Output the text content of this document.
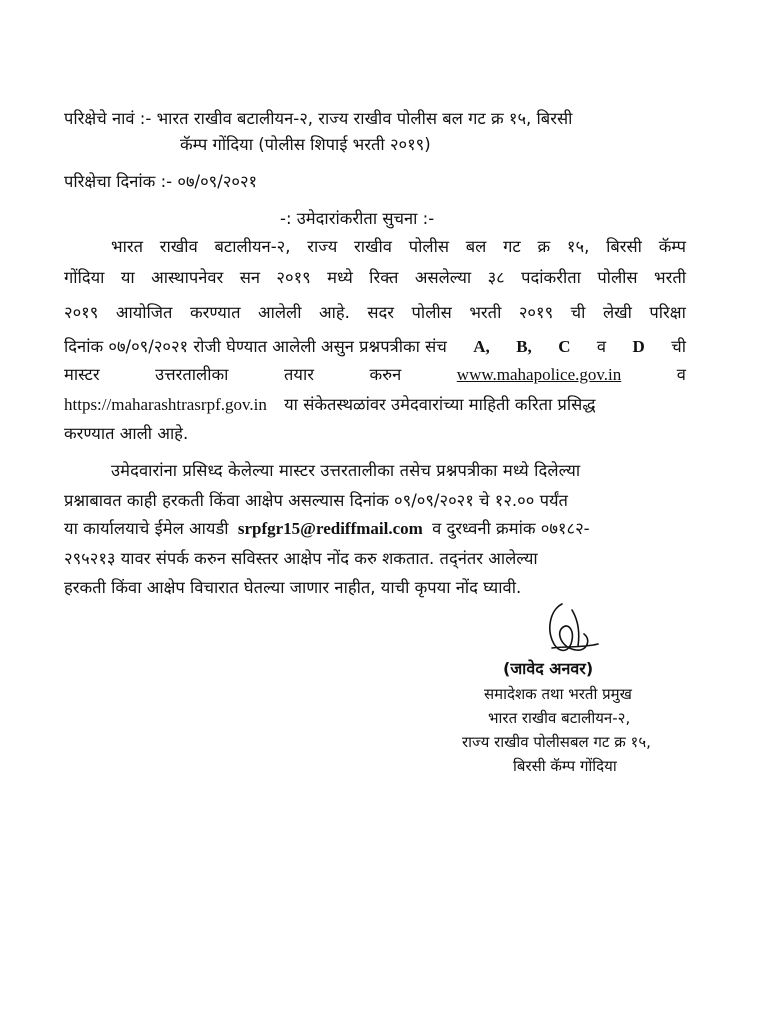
परिक्षेचे नावं :- भारत राखीव बटालीयन-२, राज्य राखीव पोलीस बल गट क्र १५, बिरसी
कॅम्प गोंदिया (पोलीस शिपाई भरती २०१९)
परिक्षेचा दिनांक :- ०७/०९/२०२१
-: उमेदारांकरीता सुचना :-
भारत राखीव बटालीयन-२, राज्य राखीव पोलीस बल गट क्र १५, बिरसी कॅम्प
गोंदिया या आस्थापनेवर सन २०१९ मध्ये रिक्त असलेल्या ३८ पदांकरीता पोलीस भरती
२०१९ आयोजित करण्यात आलेली आहे. सदर पोलीस भरती २०१९ ची लेखी परिक्षा
दिनांक ०७/०९/२०२१ रोजी घेण्यात आलेली असुन प्रश्नपत्रीका संच A, B, C व D ची
मास्टर	उत्तरतालीका	तयार	करुन	www.mahapolice.gov.in	व
https://maharashtrasrpf.gov.in या संकेतस्थळांवर उमेदवारांच्या माहिती करिता प्रसिद्ध
करण्यात आली आहे.
उमेदवारांना प्रसिध्द केलेल्या मास्टर उत्तरतालीका तसेच प्रश्नपत्रीका मध्ये दिलेल्या
प्रश्नाबावत काही हरकती किंवा आक्षेप असल्यास दिनांक ०९/०९/२०२१ चे १२.०० पर्यंत
या कार्यालयाचे ईमेल आयडी srpfgr15@rediffmail.com व दुरध्वनी क्रमांक ०७१८२-
२९५२१३ यावर संपर्क करुन सविस्तर आक्षेप नोंद करु शकतात. तद्नंतर आलेल्या
हरकती किंवा आक्षेप विचारात घेतल्या जाणार नाहीत, याची कृपया नोंद घ्यावी.
(जावेद अनवर)
समादेशक तथा भरती प्रमुख
भारत राखीव बटालीयन-२,
राज्य राखीव पोलीसबल गट क्र १५,
बिरसी कॅम्प गोंदिया
